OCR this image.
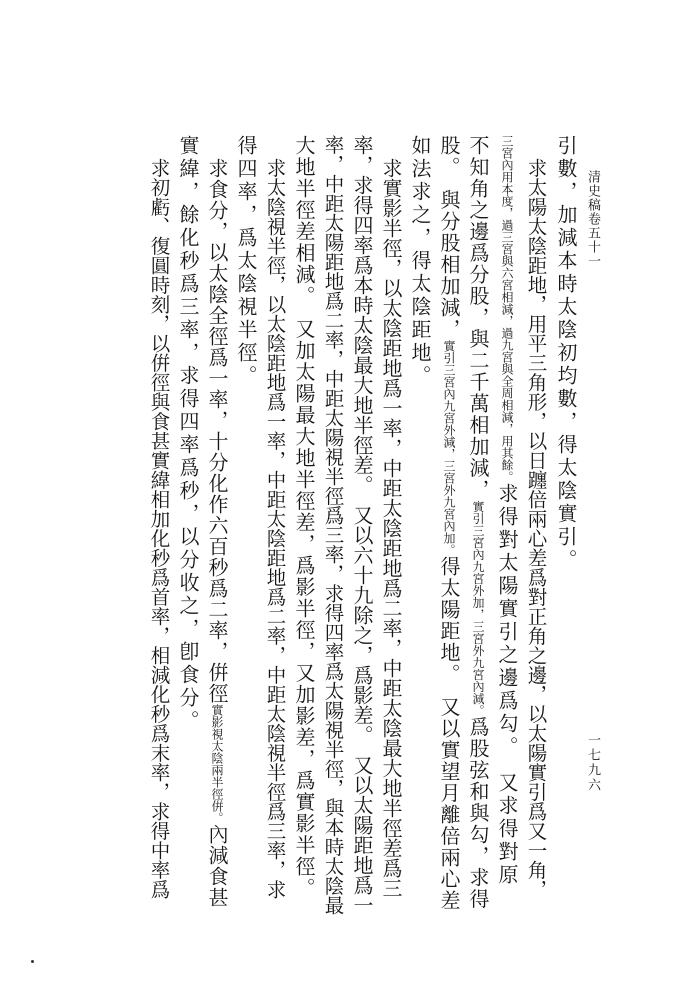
清史稿卷五十一
一七九六
引數，加減本時太陰初均數，得太陰實引。
求太陽太陰距地，用平三角形，以日躔倍兩心差爲對正角之邊，以太陽實引爲又一角，
三宮內用本度，過三宮與六宮相減，過九宮與全周相減，用其餘。求得對太陽實引之邊爲勾。　又求得對原
不知角之邊爲分股，與二千萬相加減，實引三宮內九宮外加，三宮外九宮內減。爲股弦和與勾，求得
股。　與分股相加減，實引三宮內九宮外減，三宮外九宮內加。得太陽距地。　又以實望月離倍兩心差
如法求之，得太陰距地。
求實影半徑，以太陰距地爲一率，中距太陰距地爲二率，中距太陰最大地半徑差爲三
率，求得四率爲本時太陰最大地半徑差。　又以六十九除之，爲影差。　又以太陽距地爲一
率，中距太陽距地爲二率，中距太陽視半徑爲三率，求得四率爲太陽視半徑，與本時太陰最
大地半徑差相減。　又加太陽最大地半徑差，爲影半徑，又加影差，爲實影半徑。
求太陰視半徑，以太陰距地爲一率，中距太陰距地爲二率，中距太陰視半徑爲三率，求
得四率，爲太陰視半徑。
求食分，以太陰全徑爲一率，十分化作六百秒爲二率，倂徑實影視太陰兩半徑倂。內減食甚
實緯，餘化秒爲三率，求得四率爲秒，以分收之，卽食分。
求初虧、復圓時刻，以倂徑與食甚實緯相加化秒爲首率，相減化秒爲末率，求得中率爲
